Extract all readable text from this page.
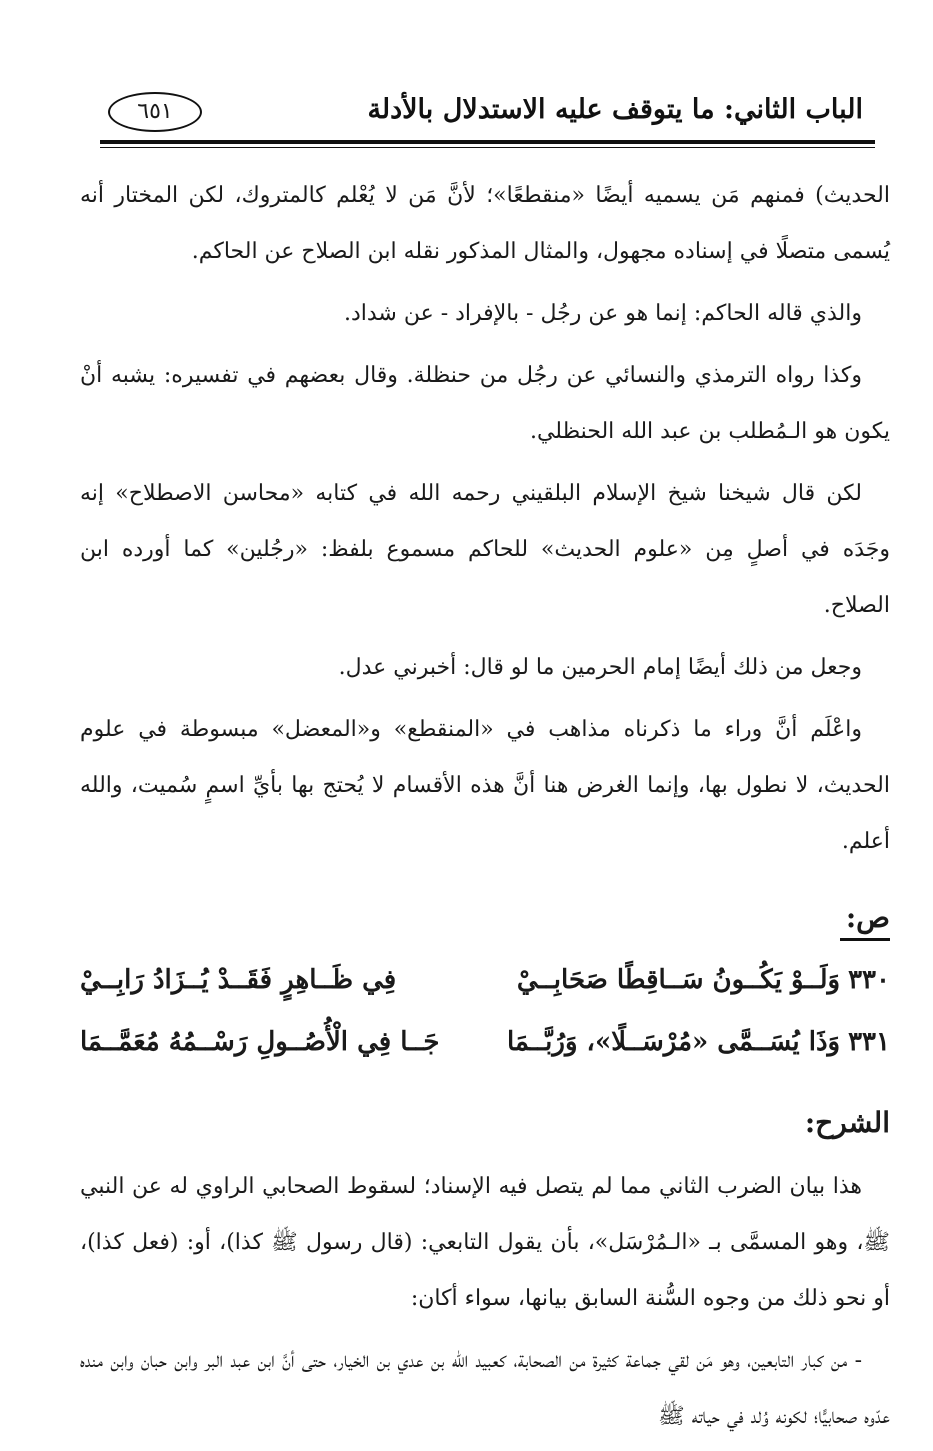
الباب الثاني: ما يتوقف عليه الاستدلال بالأدلة
٦٥١

الحديث) فمنهم مَن يسميه أيضًا «منقطعًا»؛ لأنَّ مَن لا يُعْلم كالمتروك، لكن المختار أنه يُسمى متصلًا في إسناده مجهول، والمثال المذكور نقله ابن الصلاح عن الحاكم.

والذي قاله الحاكم: إنما هو عن رجُل - بالإفراد - عن شداد.

وكذا رواه الترمذي والنسائي عن رجُل من حنظلة. وقال بعضهم في تفسيره: يشبه أنْ يكون هو الـمُطلب بن عبد الله الحنظلي.

لكن قال شيخنا شيخ الإسلام البلقيني رحمه الله في كتابه «محاسن الاصطلاح» إنه وجَدَه في أصلٍ مِن «علوم الحديث» للحاكم مسموع بلفظ: «رجُلين» كما أورده ابن الصلاح.

وجعل من ذلك أيضًا إمام الحرمين ما لو قال: أخبرني عدل.

واعْلَم أنَّ وراء ما ذكرناه مذاهب في «المنقطع» و«المعضل» مبسوطة في علوم الحديث، لا نطول بها، وإنما الغرض هنا أنَّ هذه الأقسام لا يُحتج بها بأيِّ اسمٍ سُميت، والله أعلم.

ص:
٣٣٠وَلَــوْ يَكُــونُ سَــاقِطًا صَحَابِــيْ
فِي ظَــاهِرٍ فَقَــدْ يُــزَادُ رَابِــيْ
٣٣١وَذَا يُسَــمَّى «مُرْسَــلًا»، وَرُبَّــمَا
جَــا فِي الْأُصُــولِ رَسْــمُهُ مُعَمَّــمَا
الشرح:

هذا بيان الضرب الثاني مما لم يتصل فيه الإسناد؛ لسقوط الصحابي الراوي له عن النبي ﷺ، وهو المسمَّى بـ «الـمُرْسَل»، بأن يقول التابعي: (قال رسول ﷺ كذا)، أو: (فعل كذا)، أو نحو ذلك من وجوه السُّنة السابق بيانها، سواء أكان:

- من كبار التابعين، وهو مَن لقي جماعة كثيرة من الصحابة، كعبيد الله بن عدي بن الخيار، حتى أنَّ ابن عبد البر وابن حبان وابن منده عدّوه صحابيًّا؛ لكونه وُلد في حياته ﷺ
